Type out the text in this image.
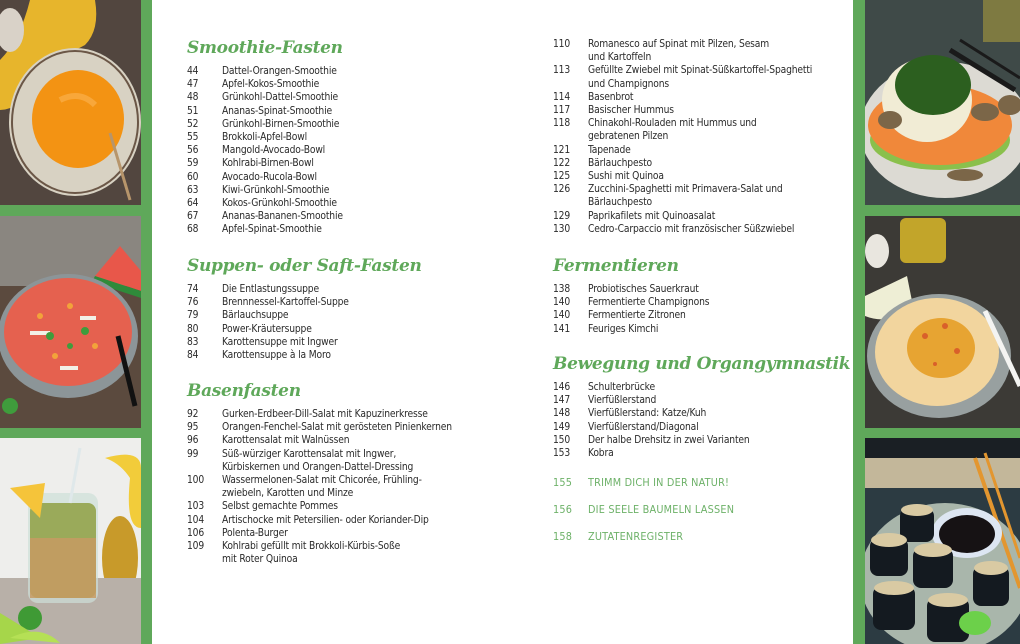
Smoothie-Fasten
44	Dattel-Orangen-Smoothie
47	Apfel-Kokos-Smoothie
48	Grünkohl-Dattel-Smoothie
51	Ananas-Spinat-Smoothie
52	Grünkohl-Birnen-Smoothie
55	Brokkoli-Apfel-Bowl
56	Mangold-Avocado-Bowl
59	Kohlrabi-Birnen-Bowl
60	Avocado-Rucola-Bowl
63	Kiwi-Grünkohl-Smoothie
64	Kokos-Grünkohl-Smoothie
67	Ananas-Bananen-Smoothie
68	Apfel-Spinat-Smoothie
Suppen- oder Saft-Fasten
74	Die Entlastungssuppe
76	Brennnessel-Kartoffel-Suppe
79	Bärlauchsuppe
80	Power-Kräutersuppe
83	Karottensuppe mit Ingwer
84	Karottensuppe à la Moro
Basenfasten
92	Gurken-Erdbeer-Dill-Salat mit Kapuzinerkresse
95	Orangen-Fenchel-Salat mit gerösteten Pinienkernen
96	Karottensalat mit Walnüssen
99	Süß-würziger Karottensalat mit Ingwer,
Kürbiskernen und Orangen-Dattel-Dressing
100	Wassermelonen-Salat mit Chicorée, Frühling-
zwiebeln, Karotten und Minze
103	Selbst gemachte Pommes
104	Artischocke mit Petersilien- oder Koriander-Dip
106	Polenta-Burger
109	Kohlrabi gefüllt mit Brokkoli-Kürbis-Soße
mit Roter Quinoa
110	Romanesco auf Spinat mit Pilzen, Sesam
und Kartoffeln
113	Gefüllte Zwiebel mit Spinat-Süßkartoffel-Spaghetti
und Champignons
114	Basenbrot
117	Basischer Hummus
118	Chinakohl-Rouladen mit Hummus und
gebratenen Pilzen
121	Tapenade
122	Bärlauchpesto
125	Sushi mit Quinoa
126	Zucchini-Spaghetti mit Primavera-Salat und
Bärlauchpesto
129	Paprikafilets mit Quinoasalat
130	Cedro-Carpaccio mit französischer Süßzwiebel
Fermentieren
138	Probiotisches Sauerkraut
140	Fermentierte Champignons
140	Fermentierte Zitronen
141	Feuriges Kimchi
Bewegung und Organgymnastik
146	Schulterbrücke
147	Vierfüßlerstand
148	Vierfüßlerstand: Katze/Kuh
149	Vierfüßlerstand/Diagonal
150	Der halbe Drehsitz in zwei Varianten
153	Kobra
155	TRIMM DICH IN DER NATUR!
156	DIE SEELE BAUMELN LASSEN
158	ZUTATENREGISTER
